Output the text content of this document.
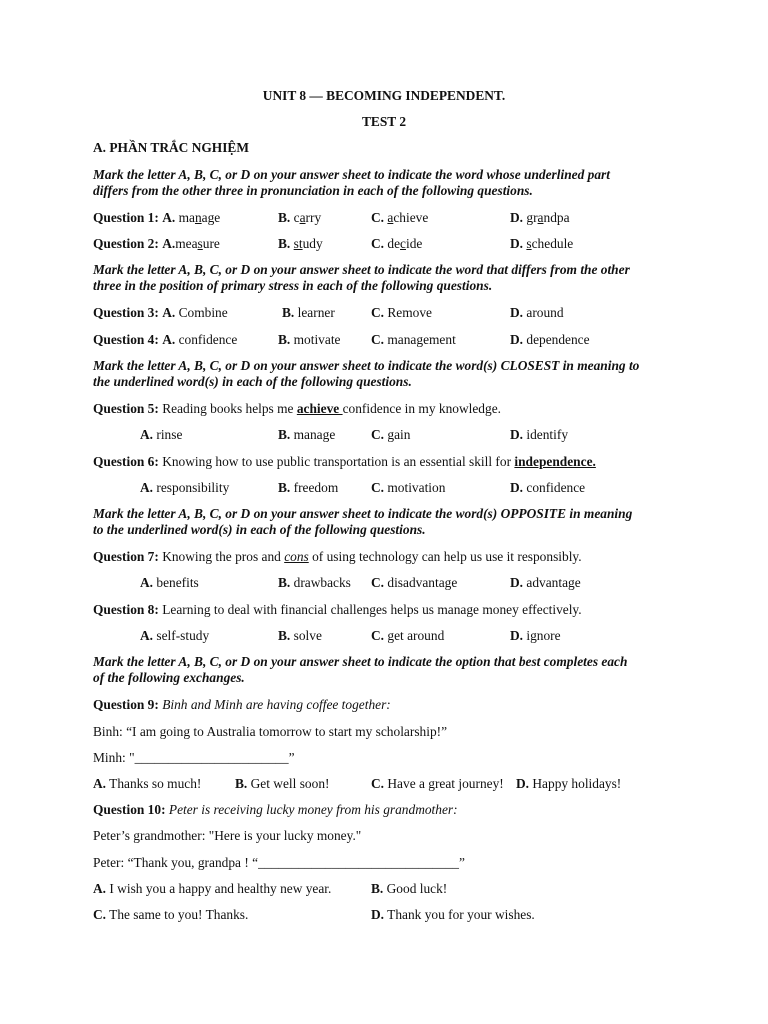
UNIT 8 — BECOMING INDEPENDENT.
TEST 2
A. PHẦN TRẮC NGHIỆM
Mark the letter A, B, C, or D on your answer sheet to indicate the word whose underlined part
differs from the other three in pronunciation in each of the following questions.
Question 1: A. manage	B. carry	C. achieve	D. grandpa
Question 2: A.measure	B. study	C. decide	D. schedule
Mark the letter A, B, C, or D on your answer sheet to indicate the word that differs from the other
three in the position of primary stress in each of the following questions.
Question 3: A. Combine	B. learner	C. Remove	D. around
Question 4: A. confidence	B. motivate C. management	D. dependence
Mark the letter A, B, C, or D on your answer sheet to indicate the word(s) CLOSEST in meaning to
the underlined word(s) in each of the following questions.
Question 5: Reading books helps me achieve confidence in my knowledge.
A. rinse	B. manage	C. gain	D. identify
Question 6: Knowing how to use public transportation is an essential skill for independence.
A. responsibility	B. freedom C. motivation	D. confidence
Mark the letter A, B, C, or D on your answer sheet to indicate the word(s) OPPOSITE in meaning
to the underlined word(s) in each of the following questions.
Question 7: Knowing the pros and cons of using technology can help us use it responsibly.
A. benefits	B. drawbacks C. disadvantage	D. advantage
Question 8: Learning to deal with financial challenges helps us manage money effectively.
A. self-study	B. solve	C. get around	D. ignore
Mark the letter A, B, C, or D on your answer sheet to indicate the option that best completes each
of the following exchanges.
Question 9: Binh and Minh are having coffee together:
Binh: “I am going to Australia tomorrow to start my scholarship!”
Minh: "_______________________”
A. Thanks so much!	B. Get well soon!	C. Have a great journey! D. Happy holidays!
Question 10: Peter is receiving lucky money from his grandmother:
Peter’s grandmother: "Here is your lucky money."
Peter: “Thank you, grandpa ! “______________________________”
A. I wish you a happy and healthy new year.	B. Good luck!
C. The same to you! Thanks.	D. Thank you for your wishes.
